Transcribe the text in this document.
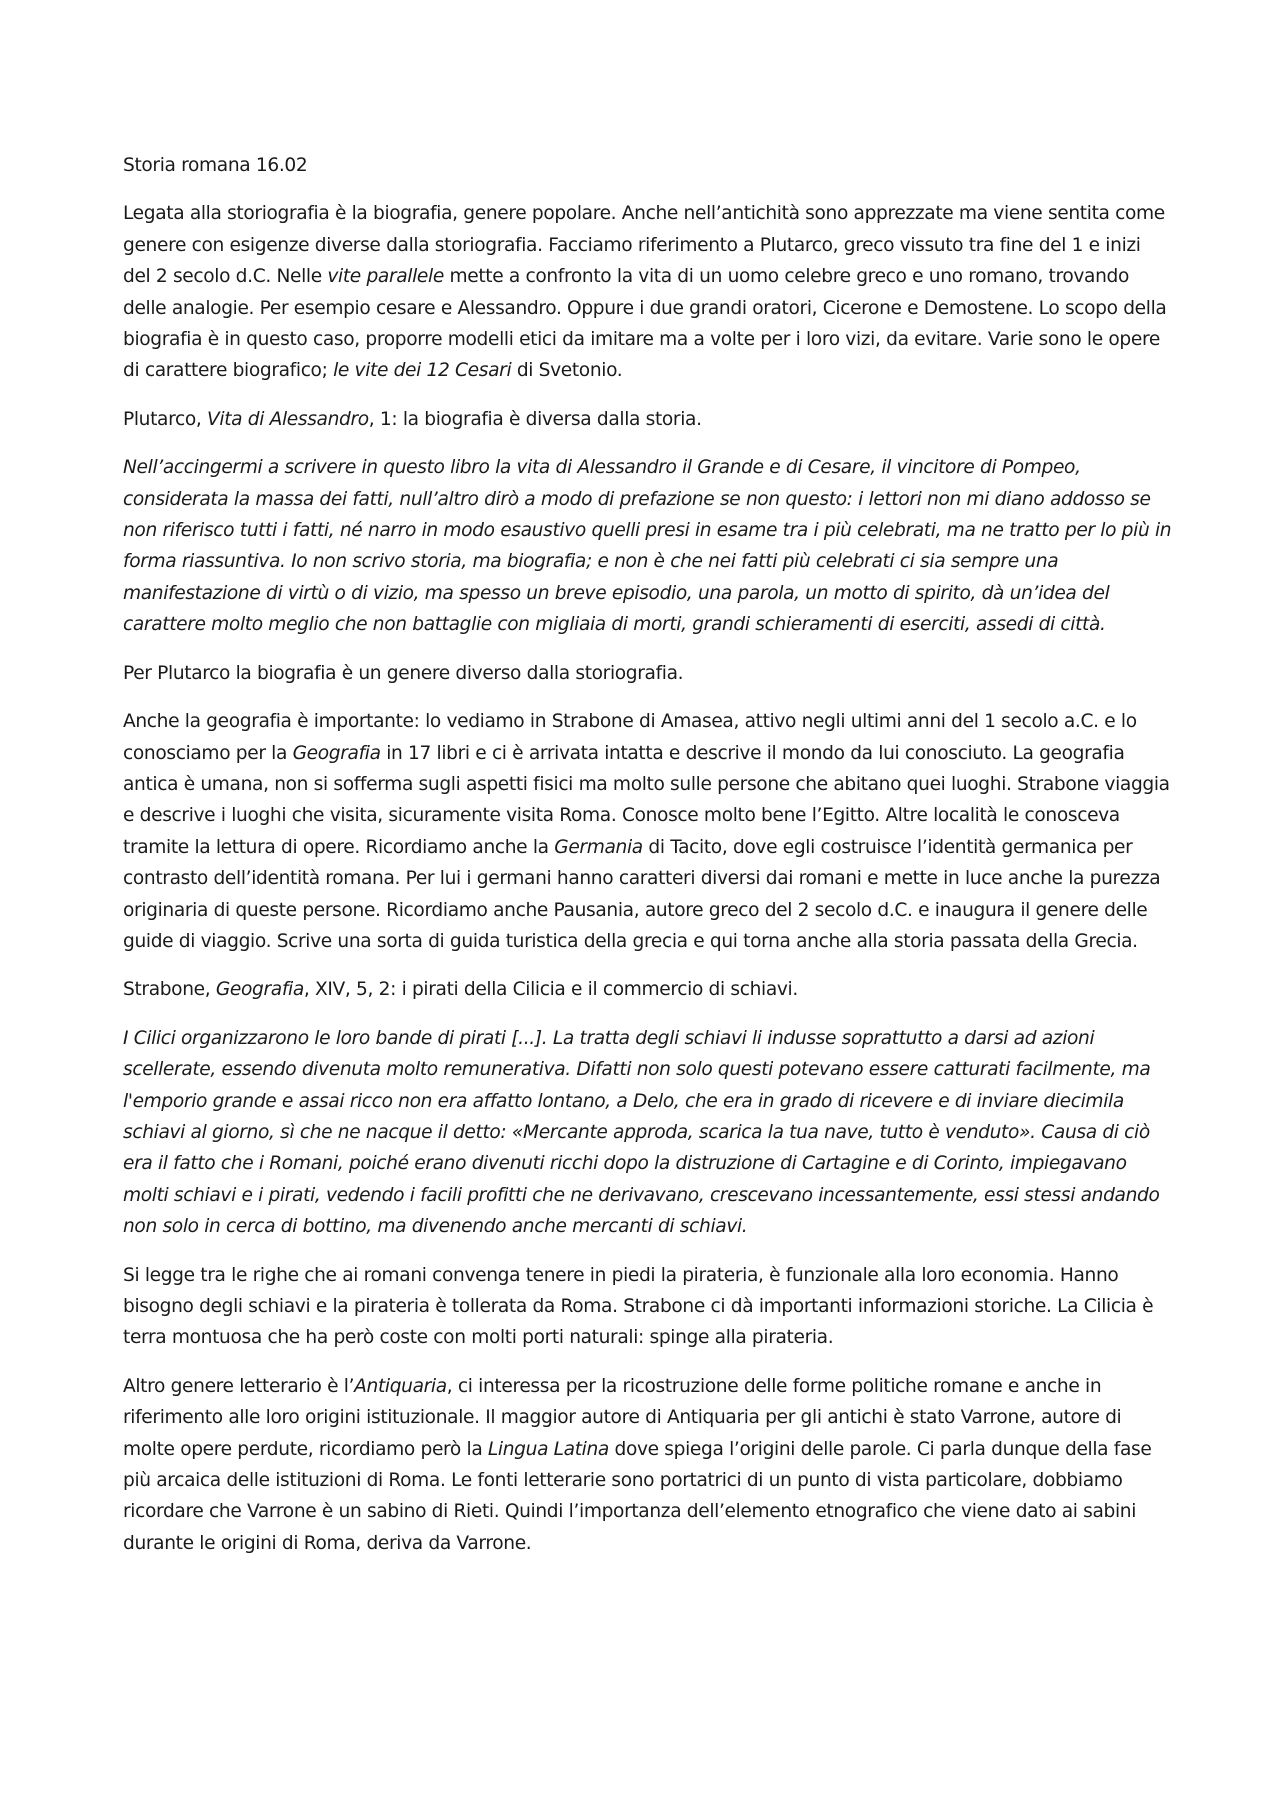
Storia romana 16.02

Legata alla storiografia è la biografia, genere popolare. Anche nell’antichità sono apprezzate ma viene sentita come genere con esigenze diverse dalla storiografia. Facciamo riferimento a Plutarco, greco vissuto tra fine del 1 e inizi del 2 secolo d.C. Nelle vite parallele mette a confronto la vita di un uomo celebre greco e uno romano, trovando delle analogie. Per esempio cesare e Alessandro. Oppure i due grandi oratori, Cicerone e Demostene. Lo scopo della biografia è in questo caso, proporre modelli etici da imitare ma a volte per i loro vizi, da evitare. Varie sono le opere di carattere biografico; le vite dei 12 Cesari di Svetonio.

Plutarco, Vita di Alessandro, 1: la biografia è diversa dalla storia.

Nell’accingermi a scrivere in questo libro la vita di Alessandro il Grande e di Cesare, il vincitore di Pompeo, considerata la massa dei fatti, null’altro dirò a modo di prefazione se non questo: i lettori non mi diano addosso se non riferisco tutti i fatti, né narro in modo esaustivo quelli presi in esame tra i più celebrati, ma ne tratto per lo più in forma riassuntiva. Io non scrivo storia, ma biografia; e non è che nei fatti più celebrati ci sia sempre una manifestazione di virtù o di vizio, ma spesso un breve episodio, una parola, un motto di spirito, dà un’idea del carattere molto meglio che non battaglie con migliaia di morti, grandi schieramenti di eserciti, assedi di città.

Per Plutarco la biografia è un genere diverso dalla storiografia.

Anche la geografia è importante: lo vediamo in Strabone di Amasea, attivo negli ultimi anni del 1 secolo a.C. e lo conosciamo per la Geografia in 17 libri e ci è arrivata intatta e descrive il mondo da lui conosciuto. La geografia antica è umana, non si sofferma sugli aspetti fisici ma molto sulle persone che abitano quei luoghi. Strabone viaggia e descrive i luoghi che visita, sicuramente visita Roma. Conosce molto bene l’Egitto. Altre località le conosceva tramite la lettura di opere. Ricordiamo anche la Germania di Tacito, dove egli costruisce l’identità germanica per contrasto dell’identità romana. Per lui i germani hanno caratteri diversi dai romani e mette in luce anche la purezza originaria di queste persone. Ricordiamo anche Pausania, autore greco del 2 secolo d.C. e inaugura il genere delle guide di viaggio. Scrive una sorta di guida turistica della grecia e qui torna anche alla storia passata della Grecia.

Strabone, Geografia, XIV, 5, 2: i pirati della Cilicia e il commercio di schiavi.

I Cilici organizzarono le loro bande di pirati [...]. La tratta degli schiavi li indusse soprattutto a darsi ad azioni scellerate, essendo divenuta molto remunerativa. Difatti non solo questi potevano essere catturati facilmente, ma l'emporio grande e assai ricco non era affatto lontano, a Delo, che era in grado di ricevere e di inviare diecimila schiavi al giorno, sì che ne nacque il detto: «Mercante approda, scarica la tua nave, tutto è venduto». Causa di ciò era il fatto che i Romani, poiché erano divenuti ricchi dopo la distruzione di Cartagine e di Corinto, impiegavano molti schiavi e i pirati, vedendo i facili profitti che ne derivavano, crescevano incessantemente, essi stessi andando non solo in cerca di bottino, ma divenendo anche mercanti di schiavi.

Si legge tra le righe che ai romani convenga tenere in piedi la pirateria, è funzionale alla loro economia. Hanno bisogno degli schiavi e la pirateria è tollerata da Roma. Strabone ci dà importanti informazioni storiche. La Cilicia è terra montuosa che ha però coste con molti porti naturali: spinge alla pirateria.

Altro genere letterario è l’Antiquaria, ci interessa per la ricostruzione delle forme politiche romane e anche in riferimento alle loro origini istituzionale. Il maggior autore di Antiquaria per gli antichi è stato Varrone, autore di molte opere perdute, ricordiamo però la Lingua Latina dove spiega l’origini delle parole. Ci parla dunque della fase più arcaica delle istituzioni di Roma. Le fonti letterarie sono portatrici di un punto di vista particolare, dobbiamo ricordare che Varrone è un sabino di Rieti. Quindi l’importanza dell’elemento etnografico che viene dato ai sabini durante le origini di Roma, deriva da Varrone.
